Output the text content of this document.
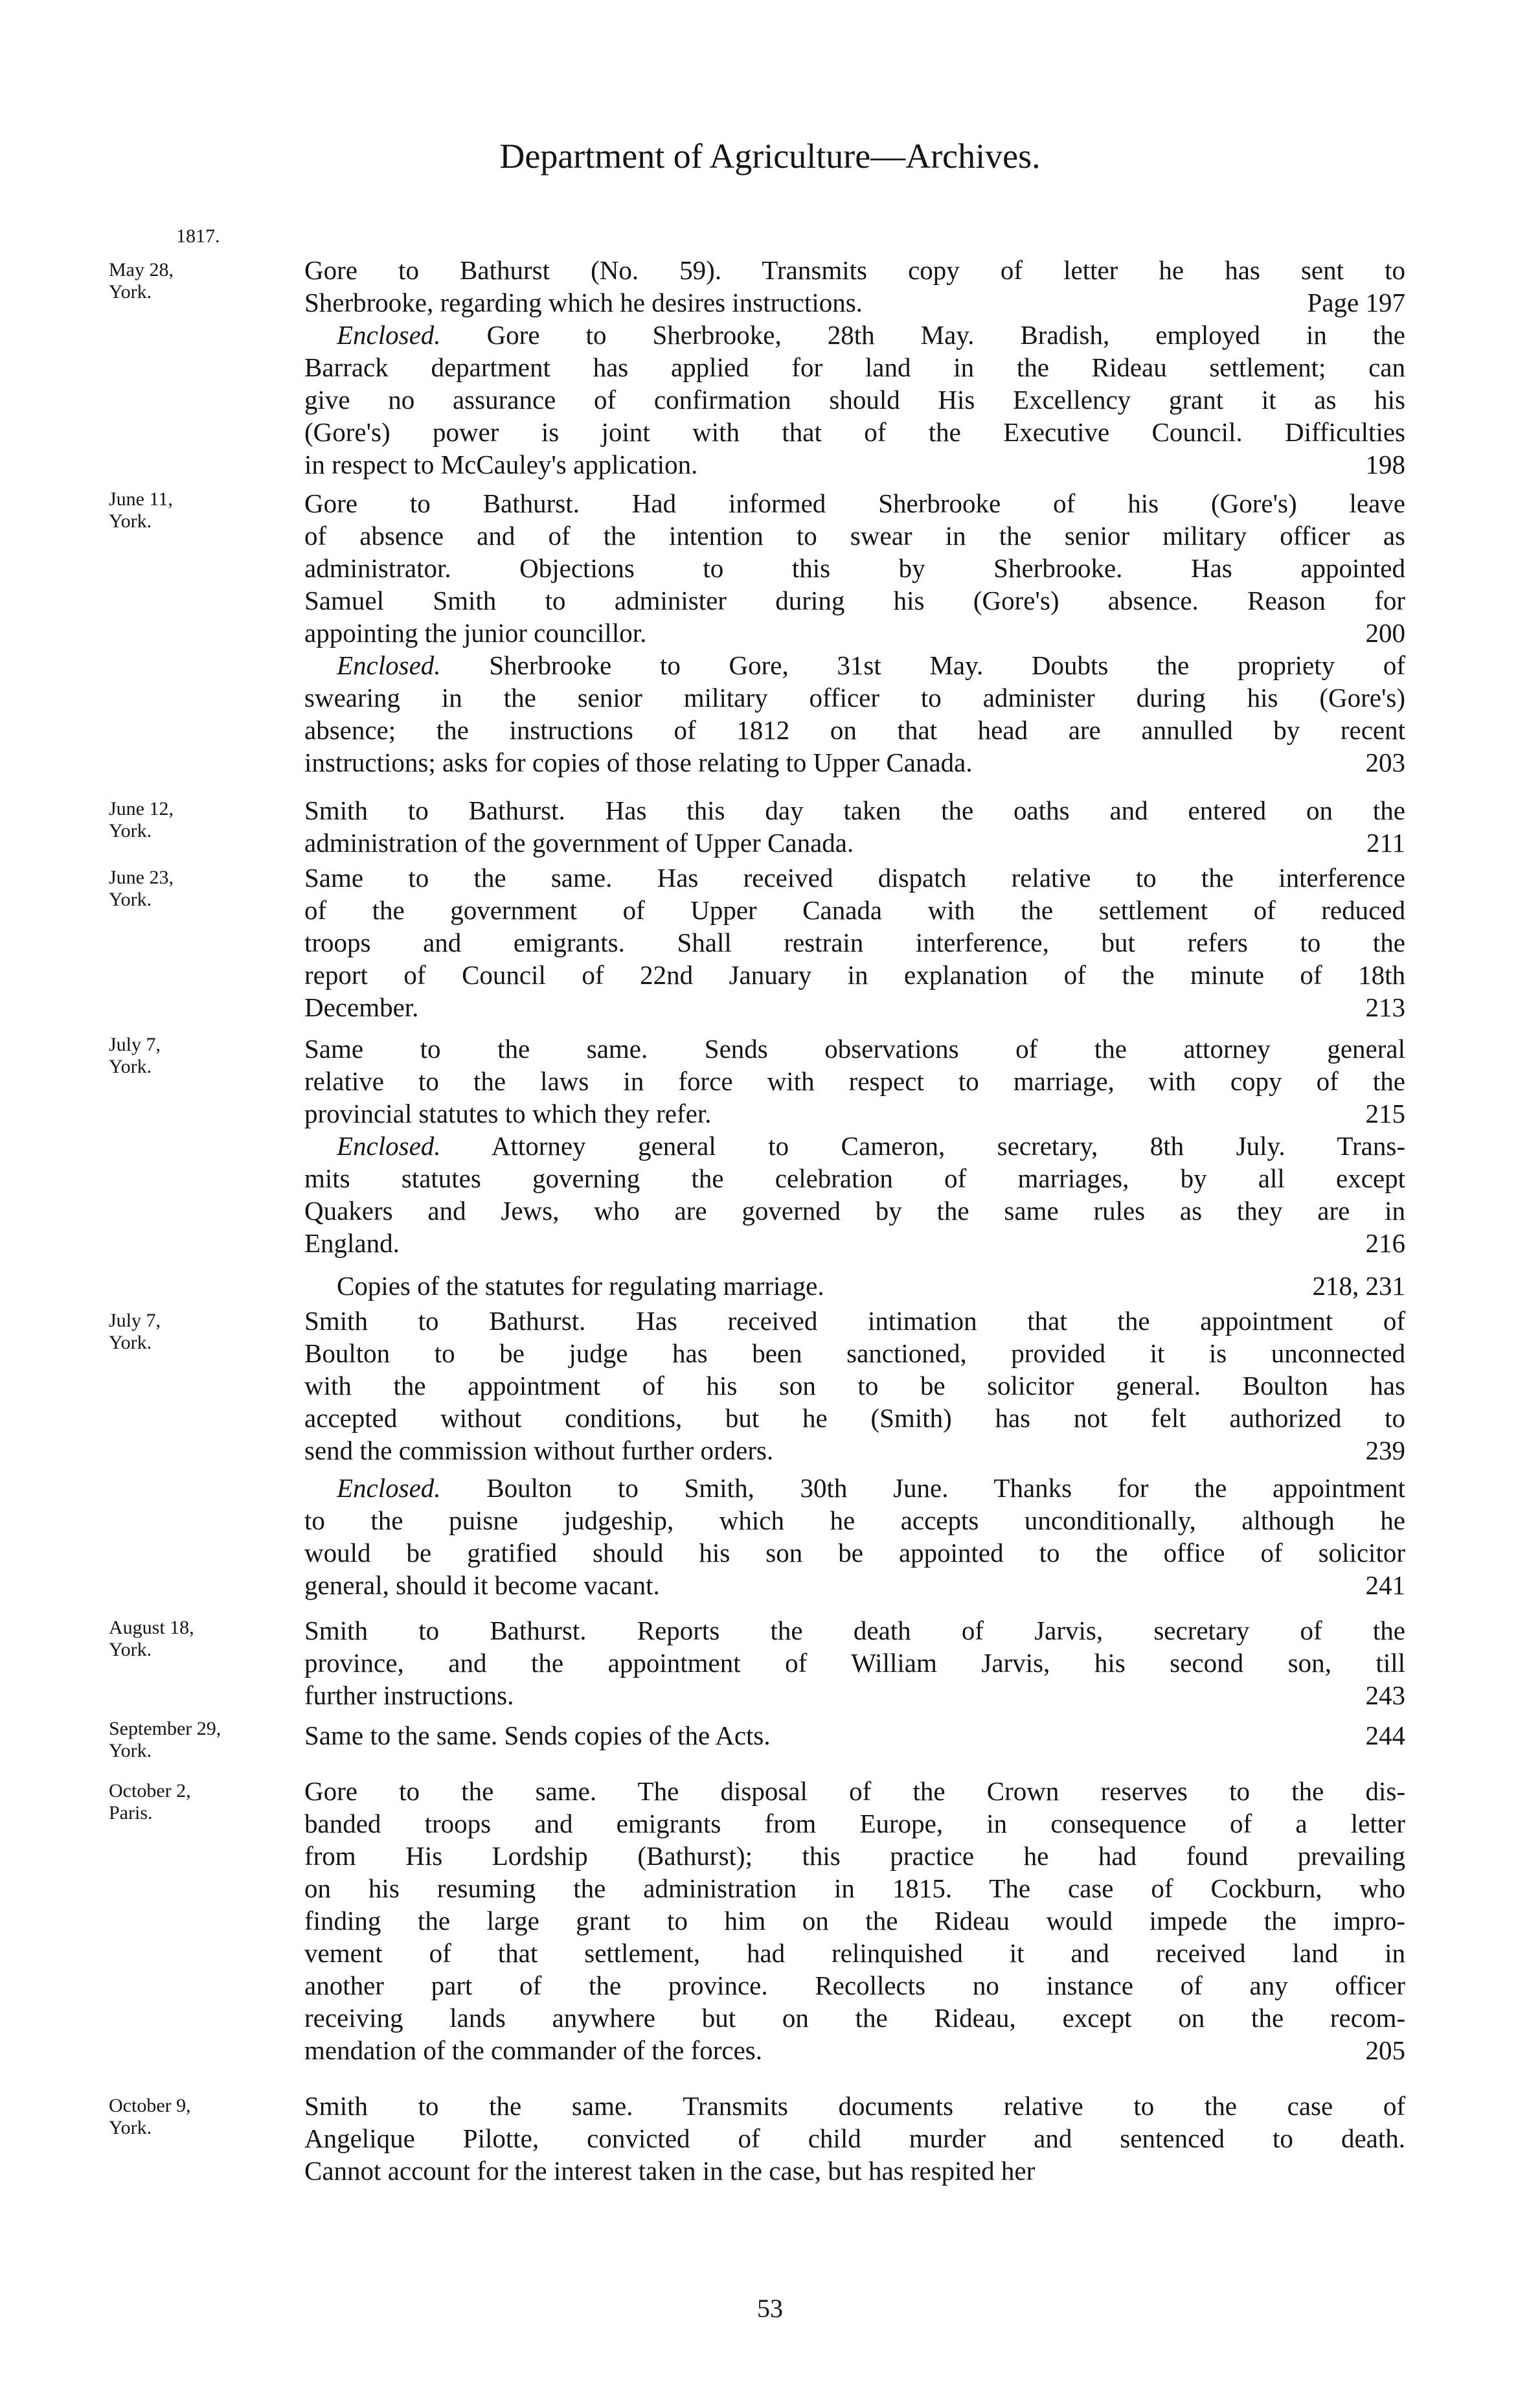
Department of Agriculture—Archives.
1817.
May 28,
York.
June 11,
York.
June 12,
York.
June 23,
York.
July 7,
York.
July 7,
York.
August 18,
York.
September 29,
York.
October 2,
Paris.
October 9,
York.
Gore to Bathurst (No. 59). Transmits copy of letter he has sent to
Page 197
Sherbrooke, regarding which he desires instructions.
Enclosed. Gore to Sherbrooke, 28th May. Bradish, employed in the
Barrack department has applied for land in the Rideau settlement; can
give no assurance of confirmation should His Excellency grant it as his
(Gore's) power is joint with that of the Executive Council. Difficulties
198
in respect to McCauley's application.
Gore to Bathurst. Had informed Sherbrooke of his (Gore's) leave
of absence and of the intention to swear in the senior military officer as
administrator. Objections to this by Sherbrooke. Has appointed
Samuel Smith to administer during his (Gore's) absence. Reason for
200
appointing the junior councillor.
Enclosed. Sherbrooke to Gore, 31st May. Doubts the propriety of
swearing in the senior military officer to administer during his (Gore's)
absence; the instructions of 1812 on that head are annulled by recent
203
instructions; asks for copies of those relating to Upper Canada.
Smith to Bathurst. Has this day taken the oaths and entered on the
211
administration of the government of Upper Canada.
Same to the same. Has received dispatch relative to the interference
of the government of Upper Canada with the settlement of reduced
troops and emigrants. Shall restrain interference, but refers to the
report of Council of 22nd January in explanation of the minute of 18th
213
December.
Same to the same. Sends observations of the attorney general
relative to the laws in force with respect to marriage, with copy of the
215
provincial statutes to which they refer.
Enclosed. Attorney general to Cameron, secretary, 8th July. Trans-
mits statutes governing the celebration of marriages, by all except
Quakers and Jews, who are governed by the same rules as they are in
216
England.
218, 231
Copies of the statutes for regulating marriage.
Smith to Bathurst. Has received intimation that the appointment of
Boulton to be judge has been sanctioned, provided it is unconnected
with the appointment of his son to be solicitor general. Boulton has
accepted without conditions, but he (Smith) has not felt authorized to
239
send the commission without further orders.
Enclosed. Boulton to Smith, 30th June. Thanks for the appointment
to the puisne judgeship, which he accepts unconditionally, although he
would be gratified should his son be appointed to the office of solicitor
241
general, should it become vacant.
Smith to Bathurst. Reports the death of Jarvis, secretary of the
province, and the appointment of William Jarvis, his second son, till
243
further instructions.
244
Same to the same. Sends copies of the Acts.
Gore to the same. The disposal of the Crown reserves to the dis-
banded troops and emigrants from Europe, in consequence of a letter
from His Lordship (Bathurst); this practice he had found prevailing
on his resuming the administration in 1815. The case of Cockburn, who
finding the large grant to him on the Rideau would impede the impro-
vement of that settlement, had relinquished it and received land in
another part of the province. Recollects no instance of any officer
receiving lands anywhere but on the Rideau, except on the recom-
205
mendation of the commander of the forces.
Smith to the same. Transmits documents relative to the case of
Angelique Pilotte, convicted of child murder and sentenced to death.
Cannot account for the interest taken in the case, but has respited her
53
